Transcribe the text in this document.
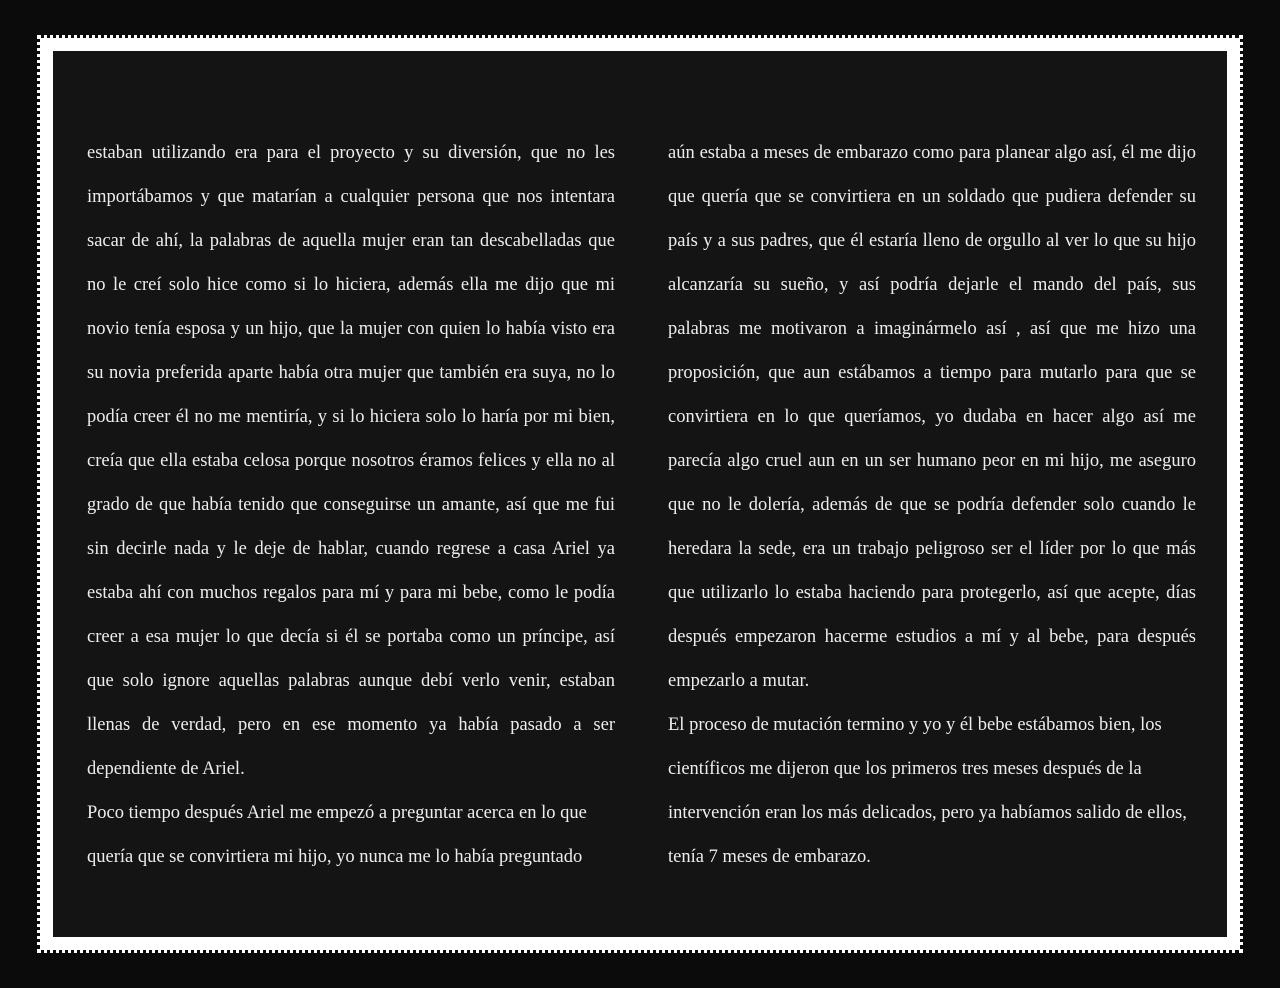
estaban utilizando era para el proyecto y su diversión, que no les importábamos y que matarían a cualquier persona que nos intentara sacar de ahí, la palabras de aquella mujer eran tan descabelladas que no le creí solo hice como si lo hiciera, además ella me dijo que mi novio tenía esposa y un hijo, que la mujer con quien lo había visto era su novia preferida aparte había otra mujer que también era suya, no lo podía creer él no me mentiría, y si lo hiciera solo lo haría por mi bien, creía que ella estaba celosa porque nosotros éramos felices y ella no al grado de que había tenido que conseguirse un amante, así que me fui sin decirle nada y le deje de hablar, cuando regrese a casa Ariel ya estaba ahí con muchos regalos para mí y para mi bebe, como le podía creer a esa mujer lo que decía si él se portaba como un príncipe, así que solo ignore aquellas palabras aunque debí verlo venir, estaban llenas de verdad, pero en ese momento ya había pasado a ser dependiente de Ariel.

Poco tiempo después Ariel me empezó a preguntar acerca en lo que quería que se convirtiera mi hijo, yo nunca me lo había preguntado

aún estaba a meses de embarazo como para planear algo así, él me dijo que quería que se convirtiera en un soldado que pudiera defender su país y a sus padres, que él estaría lleno de orgullo al ver lo que su hijo alcanzaría su sueño, y así podría dejarle el mando del país, sus palabras me motivaron a imaginármelo así , así que me hizo una proposición, que aun estábamos a tiempo para mutarlo para que se convirtiera en lo que queríamos, yo dudaba en hacer algo así me parecía algo cruel aun en un ser humano peor en mi hijo, me aseguro que no le dolería, además de que se podría defender solo cuando le heredara la sede, era un trabajo peligroso ser el líder por lo que más que utilizarlo lo estaba haciendo para protegerlo, así que acepte, días después empezaron hacerme estudios a mí y al bebe, para después empezarlo a mutar.

El proceso de mutación termino y yo y él bebe estábamos bien, los científicos me dijeron que los primeros tres meses después de la intervención eran los más delicados, pero ya habíamos salido de ellos, tenía 7 meses de embarazo.
